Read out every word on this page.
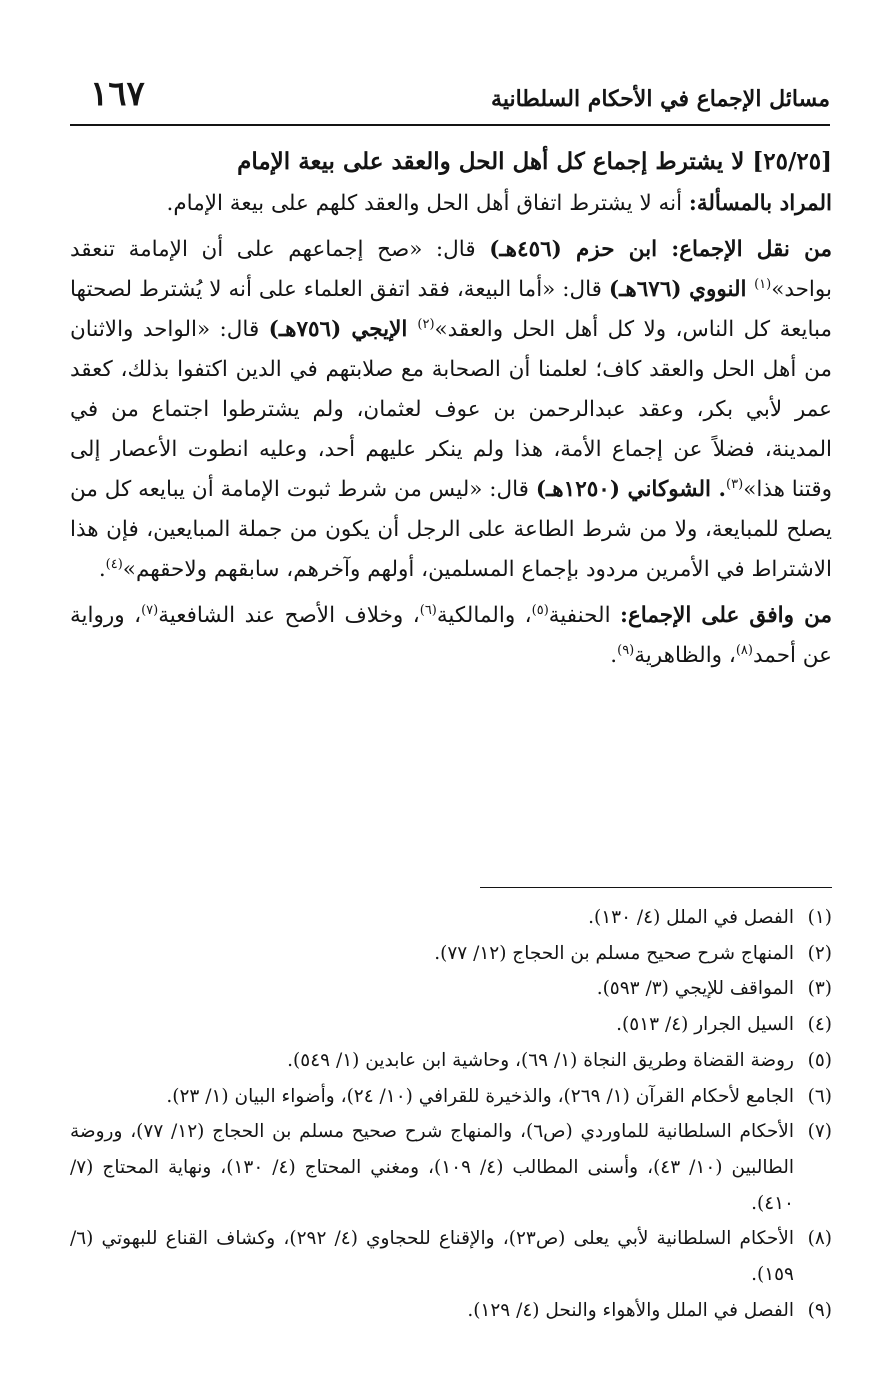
١٦٧	مسائل الإجماع في الأحكام السلطانية
[٢٥/٢٥] لا يشترط إجماع كل أهل الحل والعقد على بيعة الإمام

المراد بالمسألة: أنه لا يشترط اتفاق أهل الحل والعقد كلهم على بيعة الإمام.

من نقل الإجماع: ابن حزم (٤٥٦هـ) قال: «صح إجماعهم على أن الإمامة تنعقد بواحد»$^{(١)}$ النووي (٦٧٦هـ) قال: «أما البيعة، فقد اتفق العلماء على أنه لا يُشترط لصحتها مبايعة كل الناس، ولا كل أهل الحل والعقد»$^{(٢)}$ الإيجي (٧٥٦هـ) قال: «الواحد والاثنان من أهل الحل والعقد كاف؛ لعلمنا أن الصحابة مع صلابتهم في الدين اكتفوا بذلك، كعقد عمر لأبي بكر، وعقد عبدالرحمن بن عوف لعثمان، ولم يشترطوا اجتماع من في المدينة، فضلاً عن إجماع الأمة، هذا ولم ينكر عليهم أحد، وعليه انطوت الأعصار إلى وقتنا هذا»$^{(٣)}$. الشوكاني (١٢٥٠هـ) قال: «ليس من شرط ثبوت الإمامة أن يبايعه كل من يصلح للمبايعة، ولا من شرط الطاعة على الرجل أن يكون من جملة المبايعين، فإن هذا الاشتراط في الأمرين مردود بإجماع المسلمين، أولهم وآخرهم، سابقهم ولاحقهم»$^{(٤)}$.

من وافق على الإجماع: الحنفية$^{(٥)}$، والمالكية$^{(٦)}$، وخلاف الأصح عند الشافعية$^{(٧)}$، ورواية عن أحمد$^{(٨)}$، والظاهرية$^{(٩)}$.

(١)
الفصل في الملل (٤/ ١٣٠).
(٢)
المنهاج شرح صحيح مسلم بن الحجاج (١٢/ ٧٧).
(٣)
المواقف للإيجي (٣/ ٥٩٣).
(٤)
السيل الجرار (٤/ ٥١٣).
(٥)
روضة القضاة وطريق النجاة (١/ ٦٩)، وحاشية ابن عابدين (١/ ٥٤٩).
(٦)
الجامع لأحكام القرآن (١/ ٢٦٩)، والذخيرة للقرافي (١٠/ ٢٤)، وأضواء البيان (١/ ٢٣).
(٧)
الأحكام السلطانية للماوردي (ص٦)، والمنهاج شرح صحيح مسلم بن الحجاج (١٢/ ٧٧)، وروضة الطالبين (١٠/ ٤٣)، وأسنى المطالب (٤/ ١٠٩)، ومغني المحتاج (٤/ ١٣٠)، ونهاية المحتاج (٧/ ٤١٠).
(٨)
الأحكام السلطانية لأبي يعلى (ص٢٣)، والإقناع للحجاوي (٤/ ٢٩٢)، وكشاف القناع للبهوتي (٦/ ١٥٩).
(٩)
الفصل في الملل والأهواء والنحل (٤/ ١٢٩).
